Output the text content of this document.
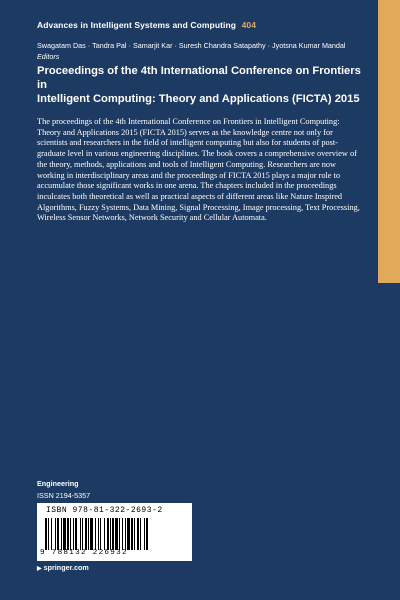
Advances in Intelligent Systems and Computing 404
Swagatam Das · Tandra Pal · Samarjit Kar · Suresh Chandra Satapathy · Jyotsna Kumar Mandal
Editors
Proceedings of the 4th International Conference on Frontiers in
Intelligent Computing: Theory and Applications (FICTA) 2015
The proceedings of the 4th International Conference on Frontiers in Intelligent Computing: Theory and Applications 2015 (FICTA 2015) serves as the knowledge centre not only for scientists and researchers in the field of intelligent computing but also for students of post-graduate level in various engineering disciplines. The book covers a comprehensive overview of the theory, methods, applications and tools of Intelligent Computing. Researchers are now working in interdisciplinary areas and the proceedings of FICTA 2015 plays a major role to accumulate those significant works in one arena. The chapters included in the proceedings inculcates both theoretical as well as practical aspects of different areas like Nature Inspired Algorithms, Fuzzy Systems, Data Mining, Signal Processing, Image processing, Text Processing, Wireless Sensor Networks, Network Security and Cellular Automata.
Engineering
ISSN 2194-5357
ISBN 978-81-322-2693-2
9 788132 226932
▶ springer.com
